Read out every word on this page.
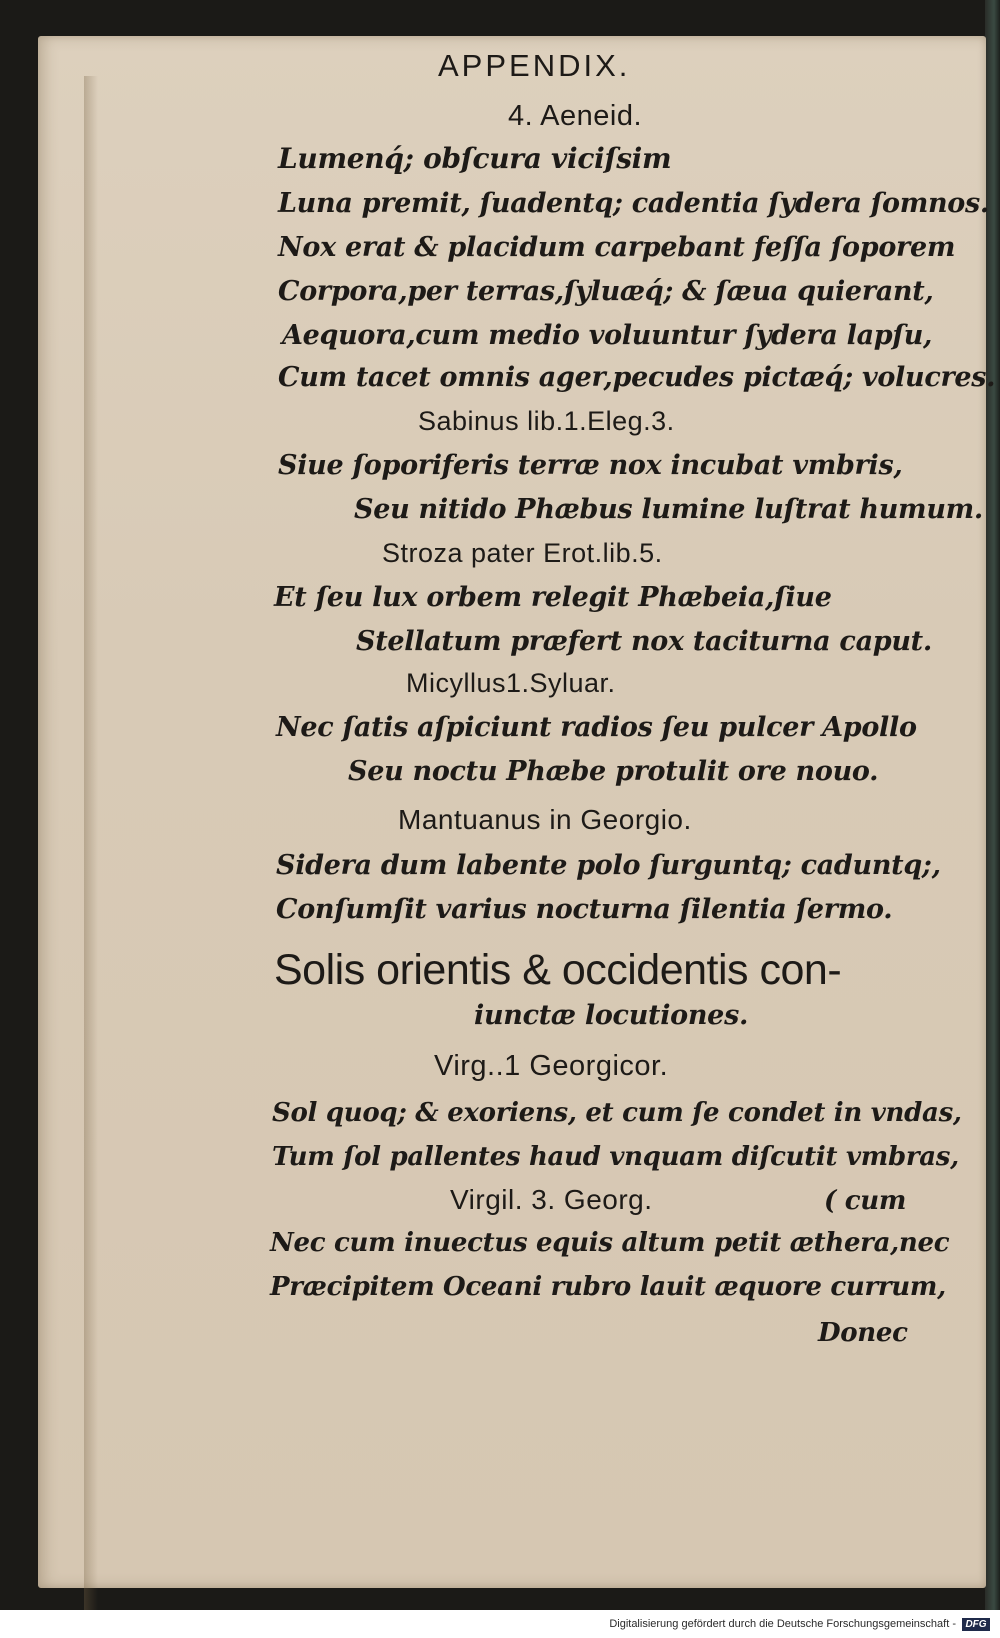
APPENDIX.
4. Aeneid.
Lumenq́; obſcura viciſsim
Luna premit, ſuadentq; cadentia ſydera ſomnos.
Nox erat & placidum carpebant feſſa ſoporem
Corpora,per terras,ſyluæq́; & ſæua quierant,
Aequora,cum medio voluuntur ſydera lapſu,
Cum tacet omnis ager,pecudes pictæq́; volucres.
Sabinus lib.1.Eleg.3.
Siue ſoporiferis terræ nox incubat vmbris,
Seu nitido Phæbus lumine luſtrat humum.
Stroza pater Erot.lib.5.
Et ſeu lux orbem relegit Phæbeia,ſiue
Stellatum præfert nox taciturna caput.
Micyllus1.Syluar.
Nec ſatis aſpiciunt radios ſeu pulcer Apollo
Seu noctu Phæbe protulit ore nouo.
Mantuanus in Georgio.
Sidera dum labente polo ſurguntq; caduntq;,
Conſumſit varius nocturna ſilentia ſermo.
Solis orientis & occidentis con-
iunctæ locutiones.
Virg..1 Georgicor.
Sol quoq; & exoriens, et cum ſe condet in vndas,
Tum ſol pallentes haud vnquam diſcutit vmbras,
Virgil. 3. Georg.	( cum
Nec cum inuectus equis altum petit æthera,nec
Præcipitem Oceani rubro lauit æquore currum,
Donec
Digitalisierung gefördert durch die Deutsche Forschungsgemeinschaft - DFG
